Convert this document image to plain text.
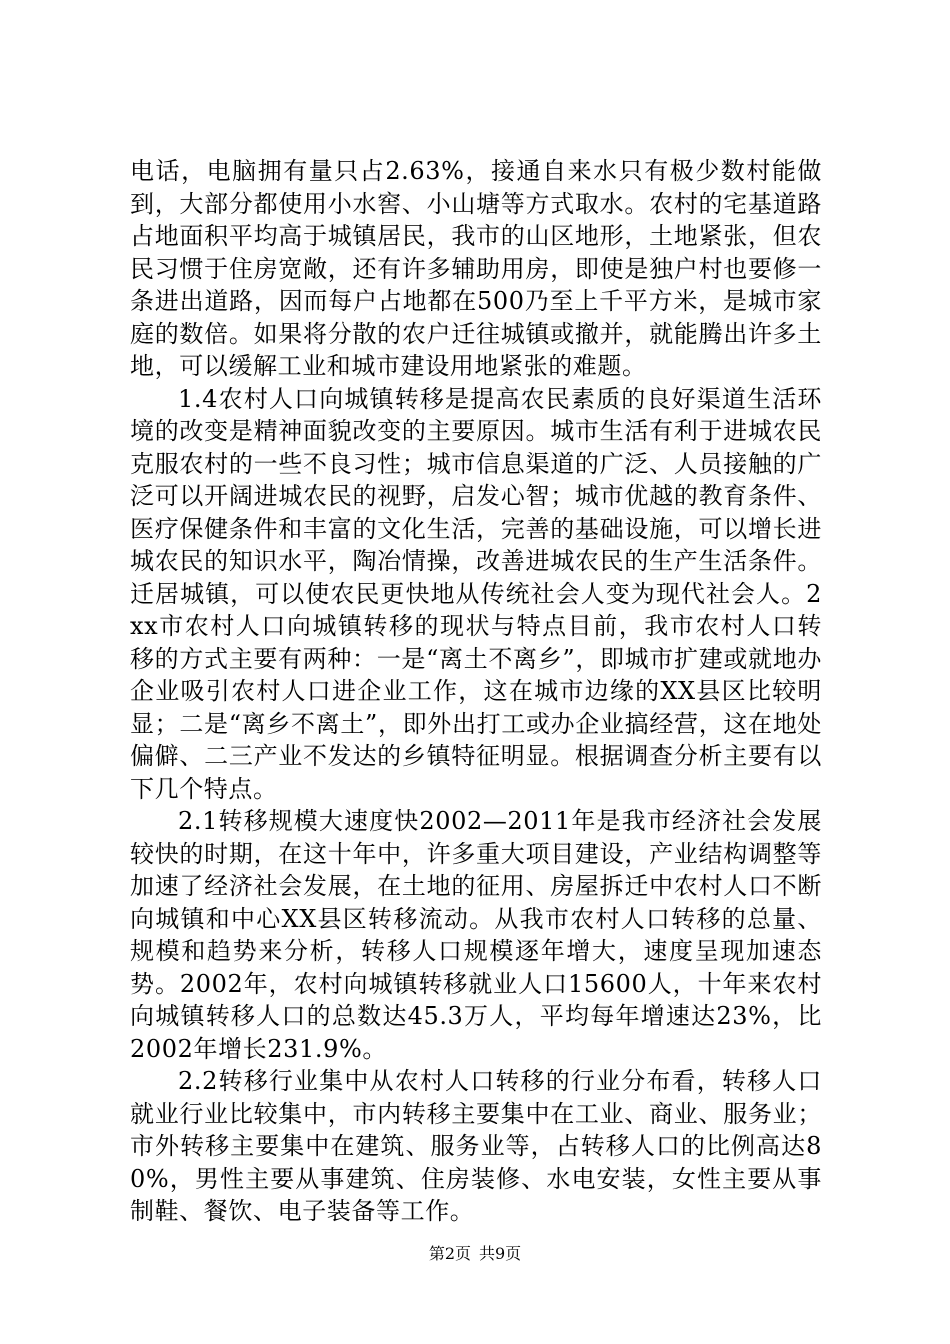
电话，电脑拥有量只占2.63%，接通自来水只有极少数村能做到，大部分都使用小水窖、小山塘等方式取水。农村的宅基道路占地面积平均高于城镇居民，我市的山区地形，土地紧张，但农民习惯于住房宽敞，还有许多辅助用房，即使是独户村也要修一条进出道路，因而每户占地都在500乃至上千平方米，是城市家庭的数倍。如果将分散的农户迁往城镇或撤并，就能腾出许多土地，可以缓解工业和城市建设用地紧张的难题。

1.4农村人口向城镇转移是提高农民素质的良好渠道生活环境的改变是精神面貌改变的主要原因。城市生活有利于进城农民克服农村的一些不良习性；城市信息渠道的广泛、人员接触的广泛可以开阔进城农民的视野，启发心智；城市优越的教育条件、医疗保健条件和丰富的文化生活，完善的基础设施，可以增长进城农民的知识水平，陶冶情操，改善进城农民的生产生活条件。迁居城镇，可以使农民更快地从传统社会人变为现代社会人。2xx市农村人口向城镇转移的现状与特点目前，我市农村人口转移的方式主要有两种：一是“离土不离乡”，即城市扩建或就地办企业吸引农村人口进企业工作，这在城市边缘的XX县区比较明显；二是“离乡不离土”，即外出打工或办企业搞经营，这在地处偏僻、二三产业不发达的乡镇特征明显。根据调查分析主要有以下几个特点。

2.1转移规模大速度快2002—2011年是我市经济社会发展较快的时期，在这十年中，许多重大项目建设，产业结构调整等加速了经济社会发展，在土地的征用、房屋拆迁中农村人口不断向城镇和中心XX县区转移流动。从我市农村人口转移的总量、规模和趋势来分析，转移人口规模逐年增大，速度呈现加速态势。2002年，农村向城镇转移就业人口15600人，十年来农村向城镇转移人口的总数达45.3万人，平均每年增速达23%，比2002年增长231.9%。

2.2转移行业集中从农村人口转移的行业分布看，转移人口就业行业比较集中，市内转移主要集中在工业、商业、服务业；市外转移主要集中在建筑、服务业等，占转移人口的比例高达80%，男性主要从事建筑、住房装修、水电安装，女性主要从事制鞋、餐饮、电子装备等工作。

第2页 共9页
